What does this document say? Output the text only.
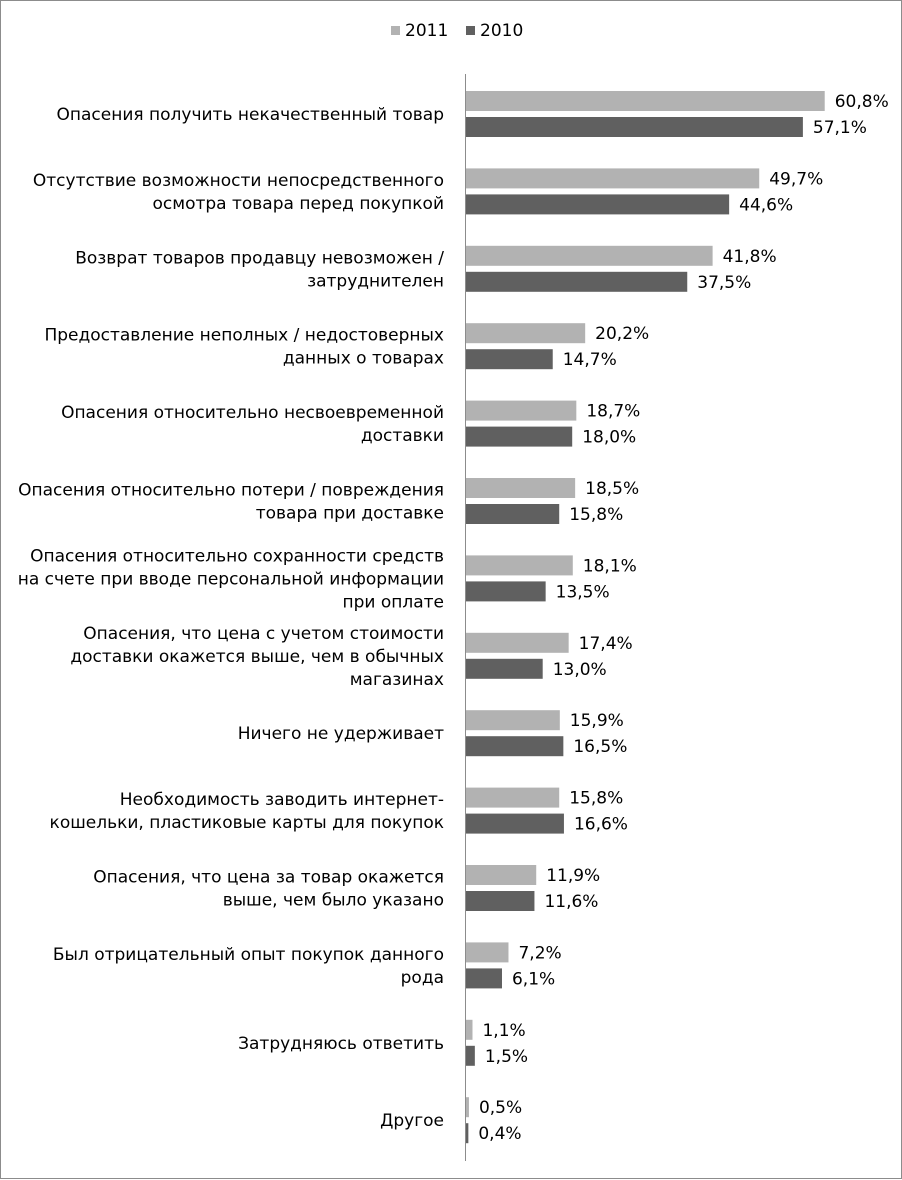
2011 2010
Опасения получить некачественный товар
60,8%
57,1%
Отсутствие возможности непосредственного
осмотра товара перед покупкой
49,7%
44,6%
Возврат товаров продавцу невозможен /
затруднителен
41,8%
37,5%
Предоставление неполных / недостоверных
данных о товарах
20,2%
14,7%
Опасения относительно несвоевременной
доставки
18,7%
18,0%
Опасения относительно потери / повреждения
товара при доставке
18,5%
15,8%
Опасения относительно сохранности средств
на счете при вводе персональной информации
при оплате
18,1%
13,5%
Опасения, что цена с учетом стоимости
доставки окажется выше, чем в обычных
магазинах
17,4%
13,0%
Ничего не удерживает
15,9%
16,5%
Необходимость заводить интернет-
кошельки, пластиковые карты для покупок
15,8%
16,6%
Опасения, что цена за товар окажется
выше, чем было указано
11,9%
11,6%
Был отрицательный опыт покупок данного
рода
7,2%
6,1%
Затрудняюсь ответить
1,1%
1,5%
Другое
0,5%
0,4%
